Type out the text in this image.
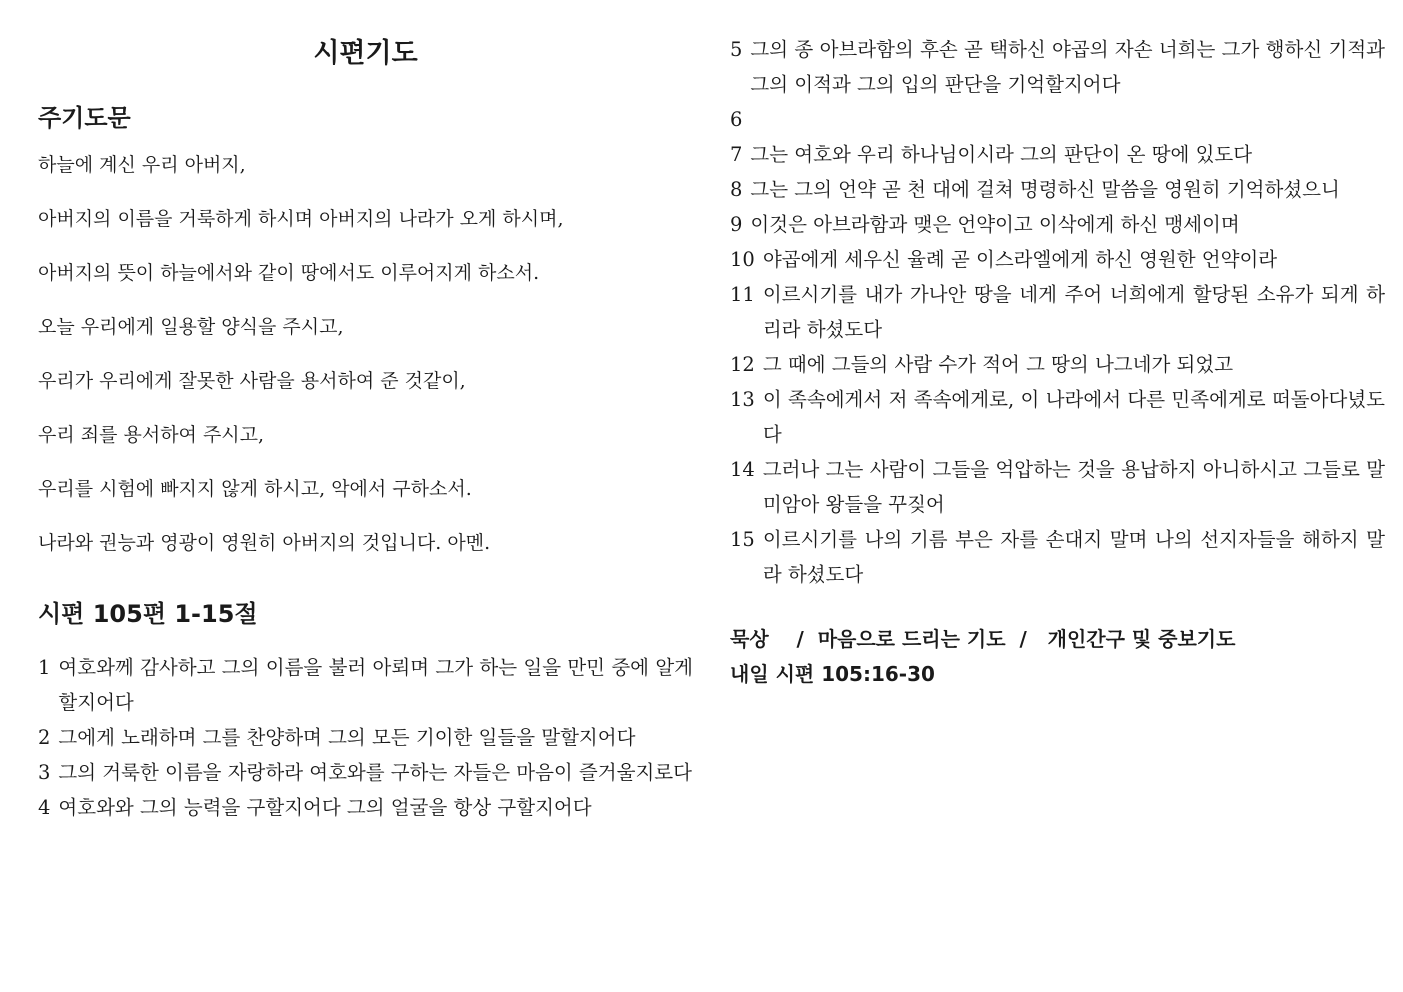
시편기도
주기도문

하늘에 계신 우리 아버지,

아버지의 이름을 거룩하게 하시며 아버지의 나라가 오게 하시며,

아버지의 뜻이 하늘에서와 같이 땅에서도 이루어지게 하소서.

오늘 우리에게 일용할 양식을 주시고,

우리가 우리에게 잘못한 사람을 용서하여 준 것같이,

우리 죄를 용서하여 주시고,

우리를 시험에 빠지지 않게 하시고, 악에서 구하소서.

나라와 권능과 영광이 영원히 아버지의 것입니다. 아멘.

시편 105편 1-15절
1 여호와께 감사하고 그의 이름을 불러 아뢰며 그가 하는 일을 만민 중에 알게 할지어다
2 그에게 노래하며 그를 찬양하며 그의 모든 기이한 일들을 말할지어다
3 그의 거룩한 이름을 자랑하라 여호와를 구하는 자들은 마음이 즐거울지로다
4 여호와와 그의 능력을 구할지어다 그의 얼굴을 항상 구할지어다
5 그의 종 아브라함의 후손 곧 택하신 야곱의 자손 너희는 그가 행하신 기적과 그의 이적과 그의 입의 판단을 기억할지어다
6
7 그는 여호와 우리 하나님이시라 그의 판단이 온 땅에 있도다
8 그는 그의 언약 곧 천 대에 걸쳐 명령하신 말씀을 영원히 기억하셨으니
9 이것은 아브라함과 맺은 언약이고 이삭에게 하신 맹세이며
10 야곱에게 세우신 율례 곧 이스라엘에게 하신 영원한 언약이라
11 이르시기를 내가 가나안 땅을 네게 주어 너희에게 할당된 소유가 되게 하리라 하셨도다
12 그 때에 그들의 사람 수가 적어 그 땅의 나그네가 되었고
13 이 족속에게서 저 족속에게로, 이 나라에서 다른 민족에게로 떠돌아다녔도다
14 그러나 그는 사람이 그들을 억압하는 것을 용납하지 아니하시고 그들로 말미암아 왕들을 꾸짖어
15 이르시기를 나의 기름 부은 자를 손대지 말며 나의 선지자들을 해하지 말라 하셨도다

묵상    /  마음으로 드리는 기도  /   개인간구 및 중보기도

내일 시편 105:16-30
